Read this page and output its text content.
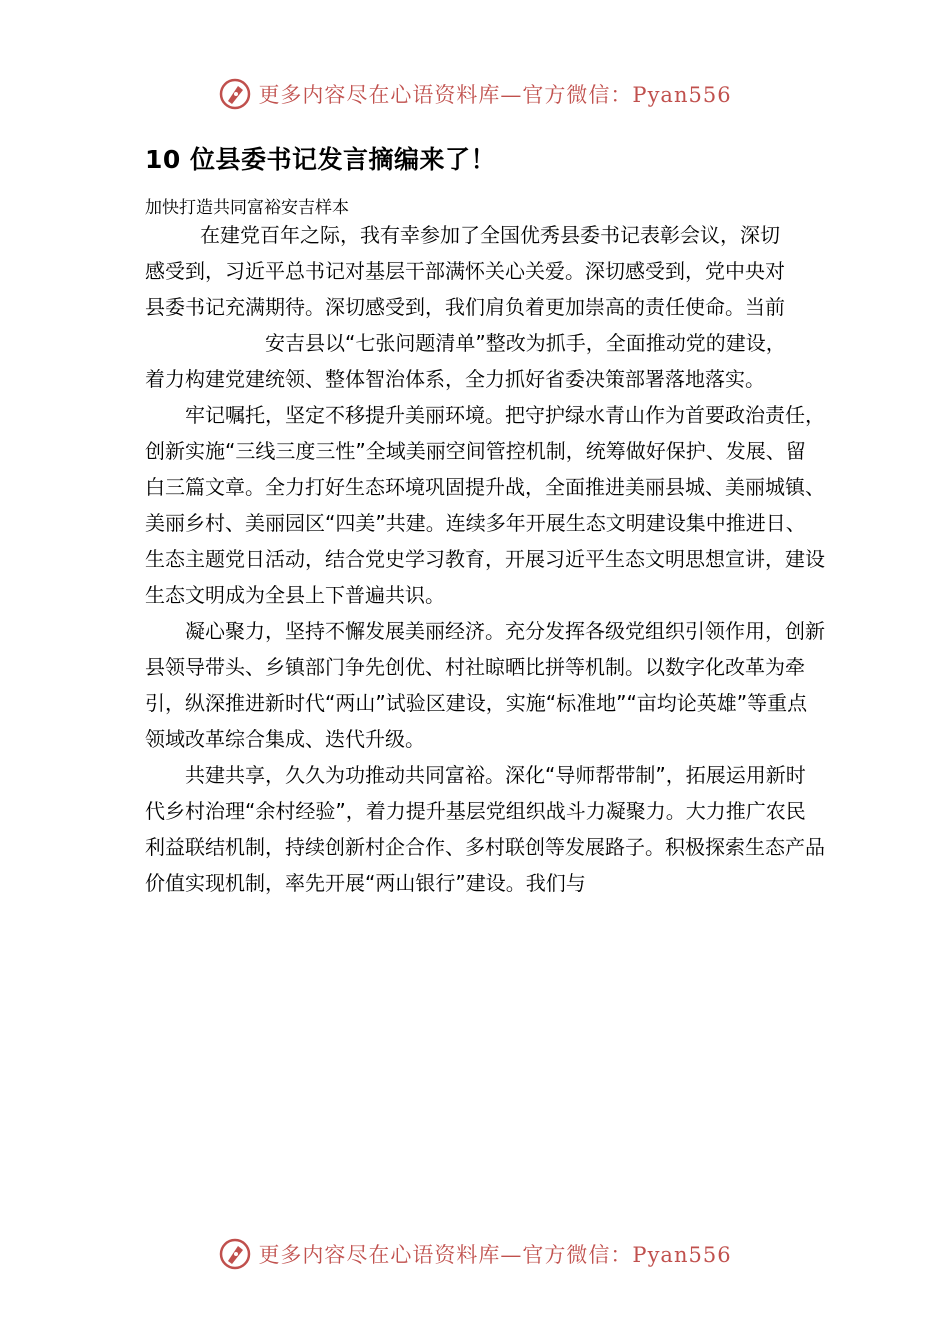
更多内容尽在心语资料库—官方微信：Pyan556
10 位县委书记发言摘编来了！
加快打造共同富裕安吉样本

在建党百年之际，我有幸参加了全国优秀县委书记表彰会议，深切

感受到，习近平总书记对基层干部满怀关心关爱。深切感受到，党中央对

县委书记充满期待。深切感受到，我们肩负着更加崇高的责任使命。当前

安吉县以“七张问题清单”整改为抓手，全面推动党的建设，

着力构建党建统领、整体智治体系，全力抓好省委决策部署落地落实。

牢记嘱托，坚定不移提升美丽环境。把守护绿水青山作为首要政治责任，创新实施“三线三度三性”全域美丽空间管控机制，统筹做好保护、发展、留白三篇文章。全力打好生态环境巩固提升战，全面推进美丽县城、美丽城镇、美丽乡村、美丽园区“四美”共建。连续多年开展生态文明建设集中推进日、生态主题党日活动，结合党史学习教育，开展习近平生态文明思想宣讲，建设生态文明成为全县上下普遍共识。

凝心聚力，坚持不懈发展美丽经济。充分发挥各级党组织引领作用，创新县领导带头、乡镇部门争先创优、村社晾晒比拼等机制。以数字化改革为牵引，纵深推进新时代“两山”试验区建设，实施“标准地”“亩均论英雄”等重点领域改革综合集成、迭代升级。

共建共享，久久为功推动共同富裕。深化“导师帮带制”，拓展运用新时代乡村治理“余村经验”，着力提升基层党组织战斗力凝聚力。大力推广农民利益联结机制，持续创新村企合作、多村联创等发展路子。积极探索生态产品价值实现机制，率先开展“两山银行”建设。我们与

更多内容尽在心语资料库—官方微信：Pyan556
